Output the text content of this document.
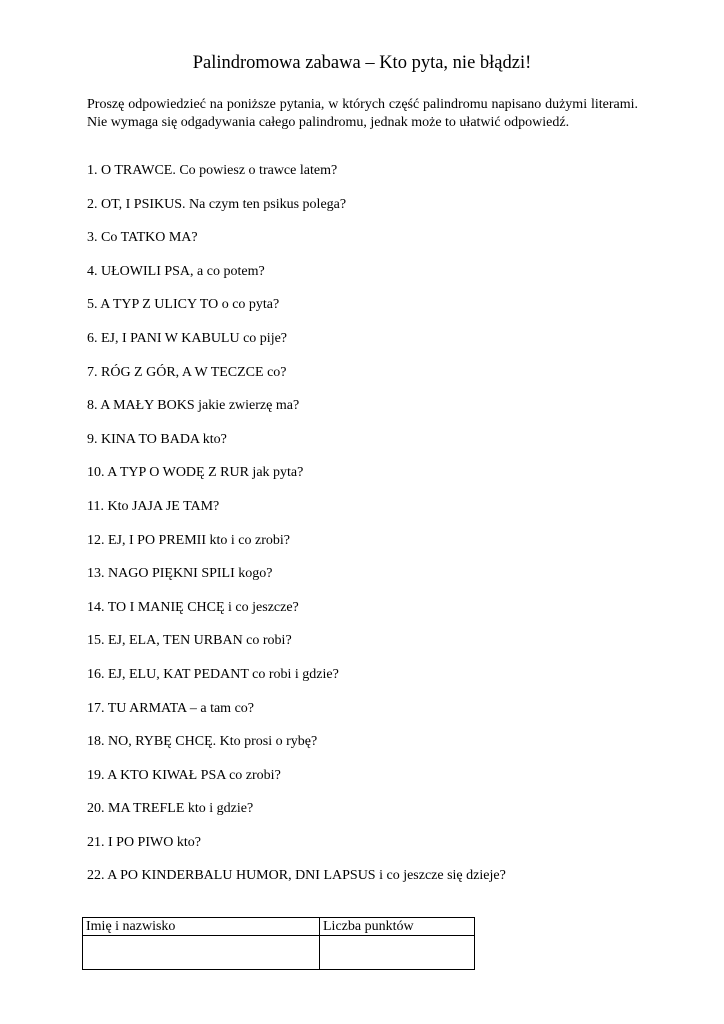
Palindromowa zabawa – Kto pyta, nie błądzi!

Proszę odpowiedzieć na poniższe pytania, w których część palindromu napisano dużymi literami. Nie wymaga się odgadywania całego palindromu, jednak może to ułatwić odpowiedź.

1. O TRAWCE. Co powiesz o trawce latem?
2. OT, I PSIKUS. Na czym ten psikus polega?
3. Co TATKO MA?
4. UŁOWILI PSA, a co potem?
5. A TYP Z ULICY TO o co pyta?
6. EJ, I PANI W KABULU co pije?
7. RÓG Z GÓR, A W TECZCE co?
8. A MAŁY BOKS jakie zwierzę ma?
9. KINA TO BADA kto?
10. A TYP O WODĘ Z RUR jak pyta?
11. Kto JAJA JE TAM?
12. EJ, I PO PREMII kto i co zrobi?
13. NAGO PIĘKNI SPILI kogo?
14. TO I MANIĘ CHCĘ i co jeszcze?
15. EJ, ELA, TEN URBAN co robi?
16. EJ, ELU, KAT PEDANT co robi i gdzie?
17. TU ARMATA – a tam co?
18. NO, RYBĘ CHCĘ. Kto prosi o rybę?
19. A KTO KIWAŁ PSA co zrobi?
20. MA TREFLE kto i gdzie?
21. I PO PIWO kto?
22. A PO KINDERBALU HUMOR, DNI LAPSUS i co jeszcze się dzieje?
Imię i nazwisko	Liczba punktów
